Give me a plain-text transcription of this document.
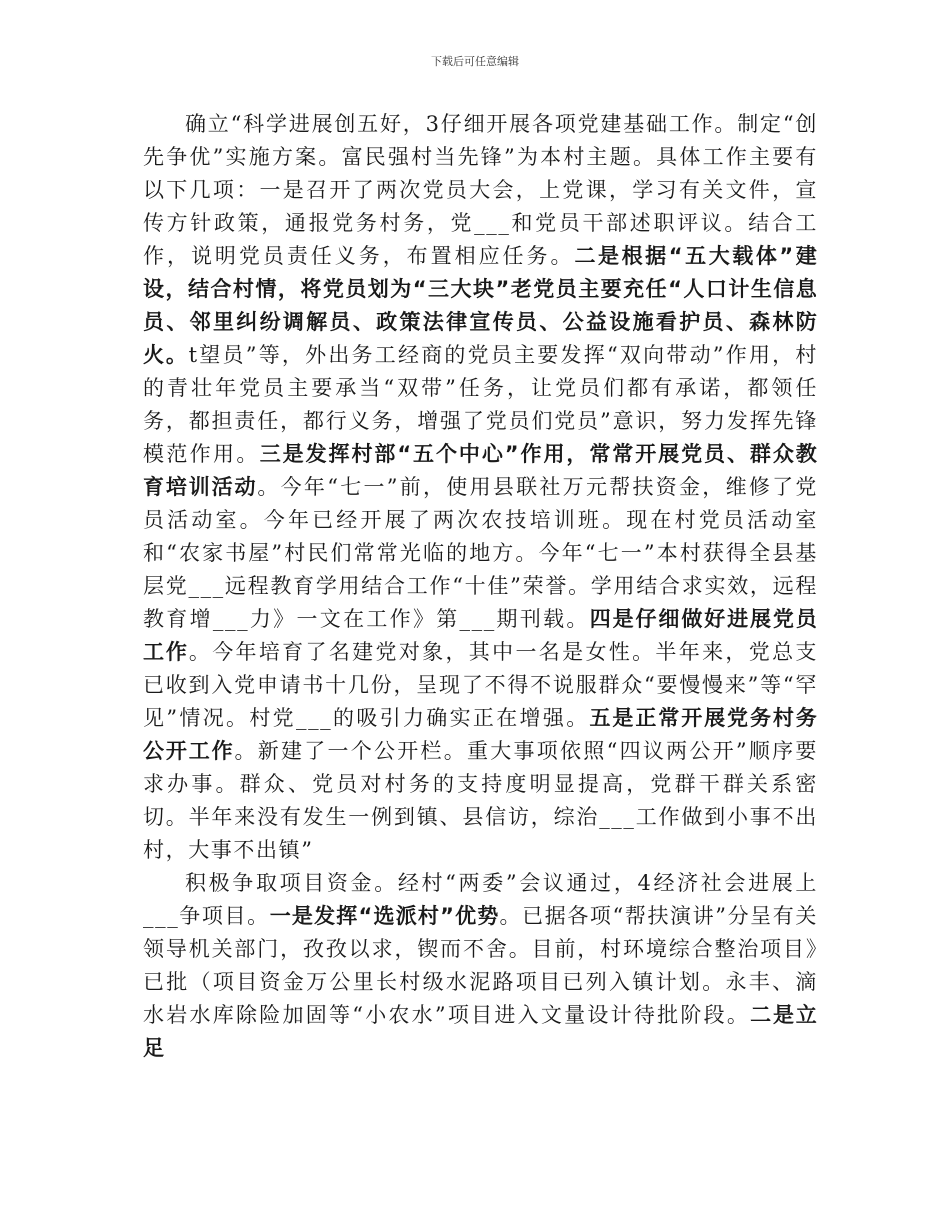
下载后可任意编辑

确立“科学进展创五好，3仔细开展各项党建基础工作。制定“创先争优”实施方案。富民强村当先锋”为本村主题。具体工作主要有以下几项：一是召开了两次党员大会，上党课，学习有关文件，宣传方针政策，通报党务村务，党___和党员干部述职评议。结合工作，说明党员责任义务，布置相应任务。二是根据“五大载体”建设，结合村情，将党员划为“三大块”老党员主要充任“人口计生信息员、邻里纠纷调解员、政策法律宣传员、公益设施看护员、森林防火。t望员”等，外出务工经商的党员主要发挥“双向带动”作用，村的青壮年党员主要承当“双带”任务，让党员们都有承诺，都领任务，都担责任，都行义务，增强了党员们党员”意识，努力发挥先锋模范作用。三是发挥村部“五个中心”作用，常常开展党员、群众教育培训活动。今年“七一”前，使用县联社万元帮扶资金，维修了党员活动室。今年已经开展了两次农技培训班。现在村党员活动室和“农家书屋”村民们常常光临的地方。今年“七一”本村获得全县基层党___远程教育学用结合工作“十佳”荣誉。学用结合求实效，远程教育增___力》一文在工作》第___期刊载。四是仔细做好进展党员工作。今年培育了名建党对象，其中一名是女性。半年来，党总支已收到入党申请书十几份，呈现了不得不说服群众“要慢慢来”等“罕见”情况。村党___的吸引力确实正在增强。五是正常开展党务村务公开工作。新建了一个公开栏。重大事项依照“四议两公开”顺序要求办事。群众、党员对村务的支持度明显提高，党群干群关系密切。半年来没有发生一例到镇、县信访，综治___工作做到小事不出村，大事不出镇”

积极争取项目资金。经村“两委”会议通过，4经济社会进展上___争项目。一是发挥“选派村”优势。已据各项“帮扶演讲”分呈有关领导机关部门，孜孜以求，锲而不舍。目前，村环境综合整治项目》已批（项目资金万公里长村级水泥路项目已列入镇计划。永丰、滴水岩水库除险加固等“小农水”项目进入文量设计待批阶段。二是立足
